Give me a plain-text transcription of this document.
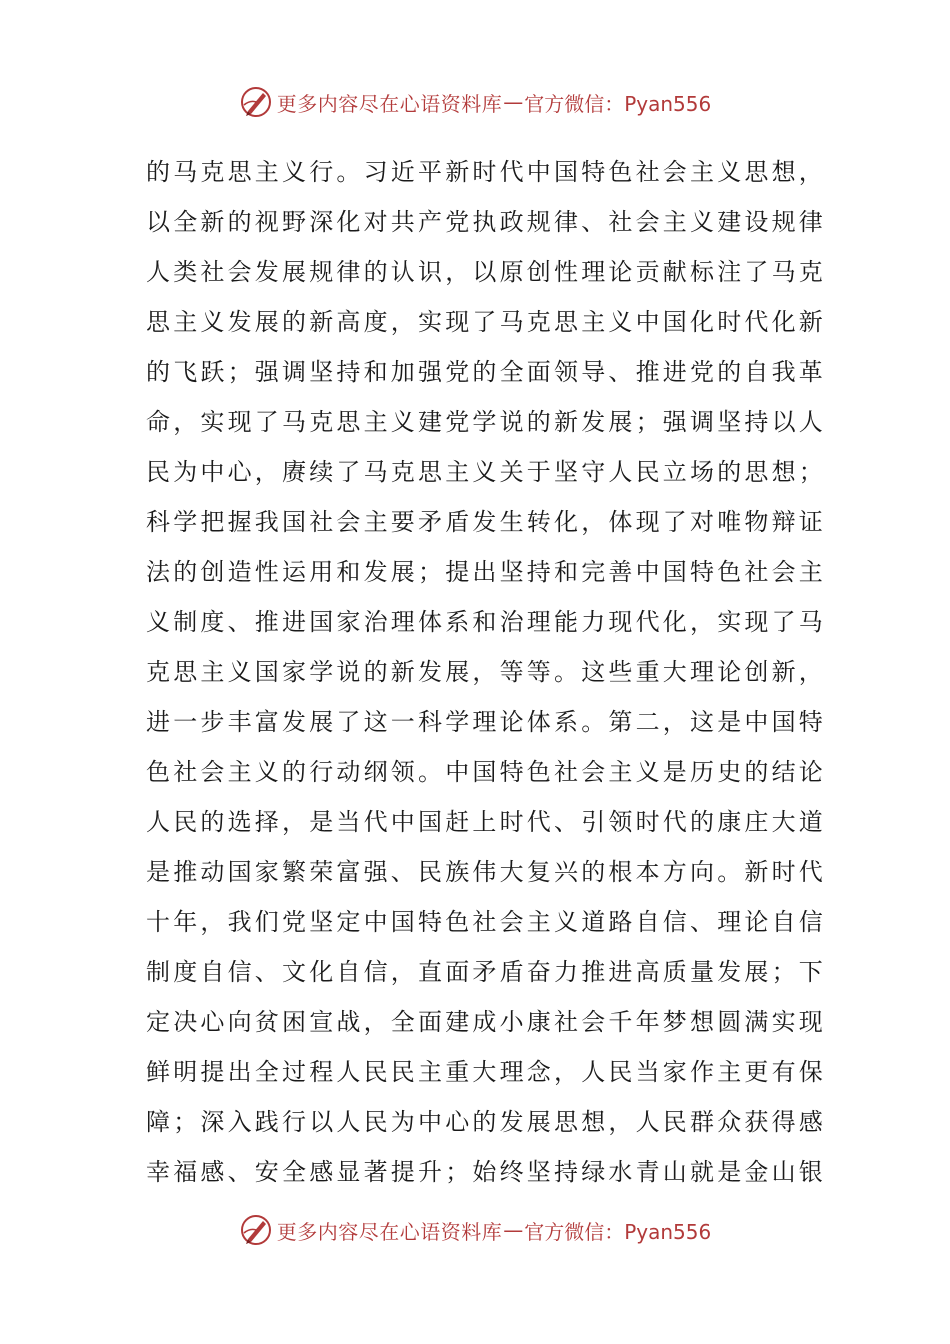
更多内容尽在心语资料库 — 官方微信：Pyan556
的马克思主义行。习近平新时代中国特色社会主义思想，
以全新的视野深化对共产党执政规律、社会主义建设规律
人类社会发展规律的认识，以原创性理论贡献标注了马克
思主义发展的新高度，实现了马克思主义中国化时代化新
的飞跃；强调坚持和加强党的全面领导、推进党的自我革
命，实现了马克思主义建党学说的新发展；强调坚持以人
民为中心，赓续了马克思主义关于坚守人民立场的思想；
科学把握我国社会主要矛盾发生转化，体现了对唯物辩证
法的创造性运用和发展；提出坚持和完善中国特色社会主
义制度、推进国家治理体系和治理能力现代化，实现了马
克思主义国家学说的新发展，等等。这些重大理论创新，
进一步丰富发展了这一科学理论体系。第二，这是中国特
色社会主义的行动纲领。中国特色社会主义是历史的结论
人民的选择，是当代中国赶上时代、引领时代的康庄大道
是推动国家繁荣富强、民族伟大复兴的根本方向。新时代
十年，我们党坚定中国特色社会主义道路自信、理论自信
制度自信、文化自信，直面矛盾奋力推进高质量发展；下
定决心向贫困宣战，全面建成小康社会千年梦想圆满实现
鲜明提出全过程人民民主重大理念，人民当家作主更有保
障；深入践行以人民为中心的发展思想，人民群众获得感
幸福感、安全感显著提升；始终坚持绿水青山就是金山银
更多内容尽在心语资料库 — 官方微信：Pyan556
